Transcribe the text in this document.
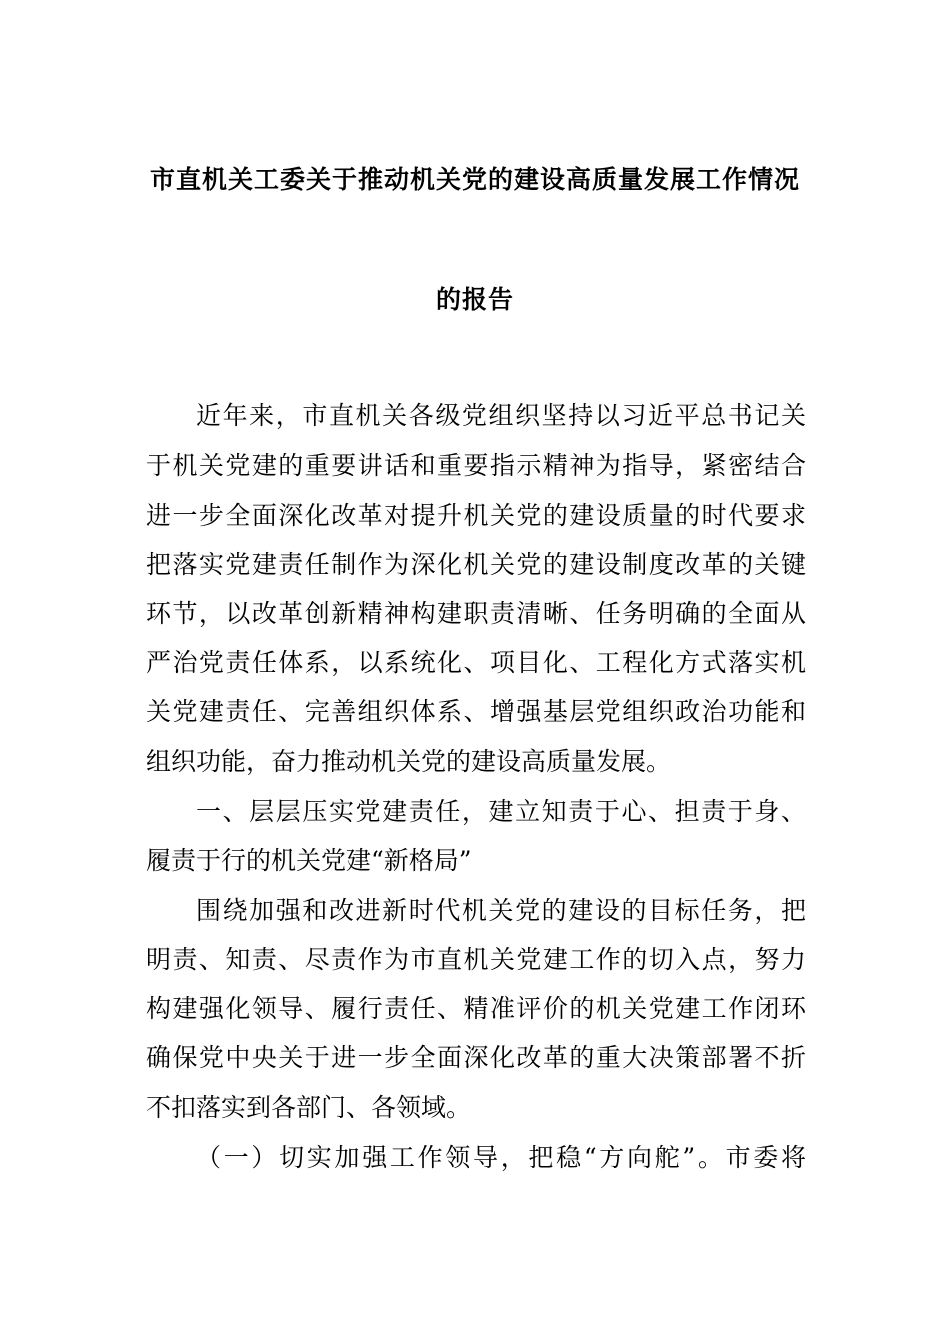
市直机关工委关于推动机关党的建设高质量发展工作情况
的报告
近年来，市直机关各级党组织坚持以习近平总书记关
于机关党建的重要讲话和重要指示精神为指导，紧密结合
进一步全面深化改革对提升机关党的建设质量的时代要求
把落实党建责任制作为深化机关党的建设制度改革的关键
环节，以改革创新精神构建职责清晰、任务明确的全面从
严治党责任体系，以系统化、项目化、工程化方式落实机
关党建责任、完善组织体系、增强基层党组织政治功能和
组织功能，奋力推动机关党的建设高质量发展。
一、层层压实党建责任，建立知责于心、担责于身、
履责于行的机关党建“新格局”
围绕加强和改进新时代机关党的建设的目标任务，把
明责、知责、尽责作为市直机关党建工作的切入点，努力
构建强化领导、履行责任、精准评价的机关党建工作闭环
确保党中央关于进一步全面深化改革的重大决策部署不折
不扣落实到各部门、各领域。
（一）切实加强工作领导，把稳“方向舵”。市委将
